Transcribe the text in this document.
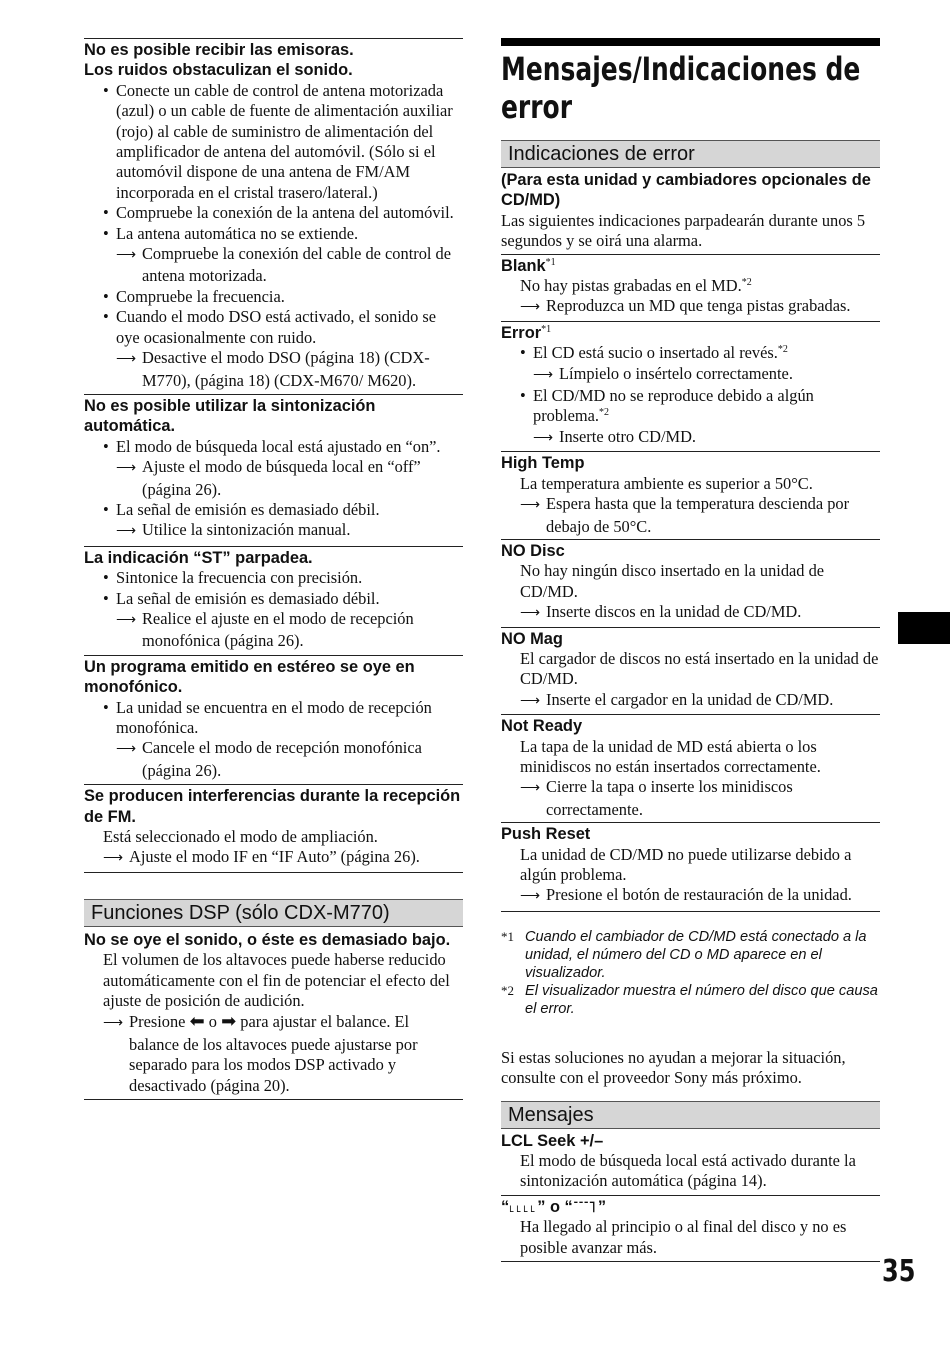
No es posible recibir las emisoras.
Los ruidos obstaculizan el sonido.
• Conecte un cable de control de antena motorizada (azul) o un cable de fuente de alimentación auxiliar (rojo) al cable de suministro de alimentación del amplificador de antena del automóvil. (Sólo si el automóvil dispone de una antena de FM/AM incorporada en el cristal trasero/lateral.)
• Compruebe la conexión de la antena del automóvil.
• La antena automática no se extiende.
⟶ Compruebe la conexión del cable de control de antena motorizada.
• Compruebe la frecuencia.
• Cuando el modo DSO está activado, el sonido se oye ocasionalmente con ruido.
⟶ Desactive el modo DSO (página 18) (CDX-M770), (página 18) (CDX-M670/ M620).
No es posible utilizar la sintonización automática.
• El modo de búsqueda local está ajustado en “on”.
⟶ Ajuste el modo de búsqueda local en “off” (página 26).
• La señal de emisión es demasiado débil.
⟶ Utilice la sintonización manual.
La indicación “ST” parpadea.
• Sintonice la frecuencia con precisión.
• La señal de emisión es demasiado débil.
⟶ Realice el ajuste en el modo de recepción monofónica (página 26).
Un programa emitido en estéreo se oye en monofónico.
• La unidad se encuentra en el modo de recepción monofónica.
⟶ Cancele el modo de recepción monofónica (página 26).
Se producen interferencias durante la recepción de FM.
Está seleccionado el modo de ampliación.
⟶ Ajuste el modo IF en “IF Auto” (página 26).
Funciones DSP (sólo CDX-M770)
No se oye el sonido, o éste es demasiado bajo.
El volumen de los altavoces puede haberse reducido automáticamente con el fin de potenciar el efecto del ajuste de posición de audición.
⟶ Presione ⬅ o ➡ para ajustar el balance. El balance de los altavoces puede ajustarse por separado para los modos DSP activado y desactivado (página 20).
Mensajes/Indicaciones de error
Indicaciones de error
(Para esta unidad y cambiadores opcionales de CD/MD)
Las siguientes indicaciones parpadearán durante unos 5 segundos y se oirá una alarma.
Blank$^{*1}$
No hay pistas grabadas en el MD.$^{*2}$
⟶ Reproduzca un MD que tenga pistas grabadas.
Error$^{*1}$
• El CD está sucio o insertado al revés.$^{*2}$
⟶ Límpielo o insértelo correctamente.
• El CD/MD no se reproduce debido a algún problema.$^{*2}$
⟶ Inserte otro CD/MD.
High Temp
La temperatura ambiente es superior a 50°C.
⟶ Espera hasta que la temperatura descienda por debajo de 50°C.
NO Disc
No hay ningún disco insertado en la unidad de CD/MD.
⟶ Inserte discos en la unidad de CD/MD.
NO Mag
El cargador de discos no está insertado en la unidad de CD/MD.
⟶ Inserte el cargador en la unidad de CD/MD.
Not Ready
La tapa de la unidad de MD está abierta o los minidiscos no están insertados correctamente.
⟶ Cierre la tapa o inserte los minidiscos correctamente.
Push Reset
La unidad de CD/MD no puede utilizarse debido a algún problema.
⟶ Presione el botón de restauración de la unidad.
*1 Cuando el cambiador de CD/MD está conectado a la unidad, el número del CD o MD aparece en el visualizador.
*2 El visualizador muestra el número del disco que causa el error.
Si estas soluciones no ayudan a mejorar la situación, consulte con el proveedor Sony más próximo.
Mensajes
LCL Seek +/–
El modo de búsqueda local está activado durante la sintonización automática (página 14).
“˪˪˪˪” o “˥˥˥˥”
Ha llegado al principio o al final del disco y no es posible avanzar más.
35
